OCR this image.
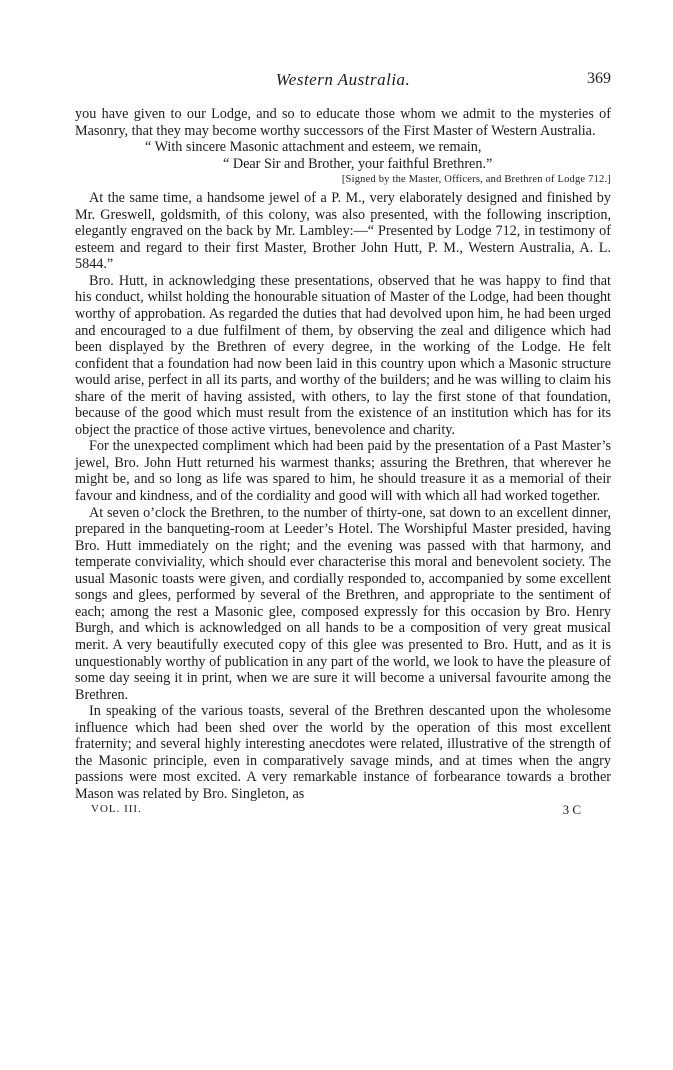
Western Australia.	369

you have given to our Lodge, and so to educate those whom we admit to the mysteries of Masonry, that they may become worthy successors of the First Master of Western Australia.

“ With sincere Masonic attachment and esteem, we remain,

“ Dear Sir and Brother, your faithful Brethren.”

[Signed by the Master, Officers, and Brethren of Lodge 712.]

At the same time, a handsome jewel of a P. M., very elaborately designed and finished by Mr. Greswell, goldsmith, of this colony, was also presented, with the following inscription, elegantly engraved on the back by Mr. Lambley:—“ Presented by Lodge 712, in testimony of esteem and regard to their first Master, Brother John Hutt, P. M., Western Australia, A. L. 5844.”

Bro. Hutt, in acknowledging these presentations, observed that he was happy to find that his conduct, whilst holding the honourable situation of Master of the Lodge, had been thought worthy of approbation. As regarded the duties that had devolved upon him, he had been urged and encouraged to a due fulfilment of them, by observing the zeal and diligence which had been displayed by the Brethren of every degree, in the working of the Lodge. He felt confident that a foundation had now been laid in this country upon which a Masonic structure would arise, perfect in all its parts, and worthy of the builders; and he was willing to claim his share of the merit of having assisted, with others, to lay the first stone of that foundation, because of the good which must result from the existence of an institution which has for its object the practice of those active virtues, benevolence and charity.

For the unexpected compliment which had been paid by the presentation of a Past Master’s jewel, Bro. John Hutt returned his warmest thanks; assuring the Brethren, that wherever he might be, and so long as life was spared to him, he should treasure it as a memorial of their favour and kindness, and of the cordiality and good will with which all had worked together.

At seven o’clock the Brethren, to the number of thirty-one, sat down to an excellent dinner, prepared in the banqueting-room at Leeder’s Hotel. The Worshipful Master presided, having Bro. Hutt immediately on the right; and the evening was passed with that harmony, and temperate conviviality, which should ever characterise this moral and benevolent society. The usual Masonic toasts were given, and cordially responded to, accompanied by some excellent songs and glees, performed by several of the Brethren, and appropriate to the sentiment of each; among the rest a Masonic glee, composed expressly for this occasion by Bro. Henry Burgh, and which is acknowledged on all hands to be a composition of very great musical merit. A very beautifully executed copy of this glee was presented to Bro. Hutt, and as it is unquestionably worthy of publication in any part of the world, we look to have the pleasure of some day seeing it in print, when we are sure it will become a universal favourite among the Brethren.

In speaking of the various toasts, several of the Brethren descanted upon the wholesome influence which had been shed over the world by the operation of this most excellent fraternity; and several highly interesting anecdotes were related, illustrative of the strength of the Masonic principle, even in comparatively savage minds, and at times when the angry passions were most excited. A very remarkable instance of forbearance towards a brother Mason was related by Bro. Singleton, as

VOL. III.	3 C
